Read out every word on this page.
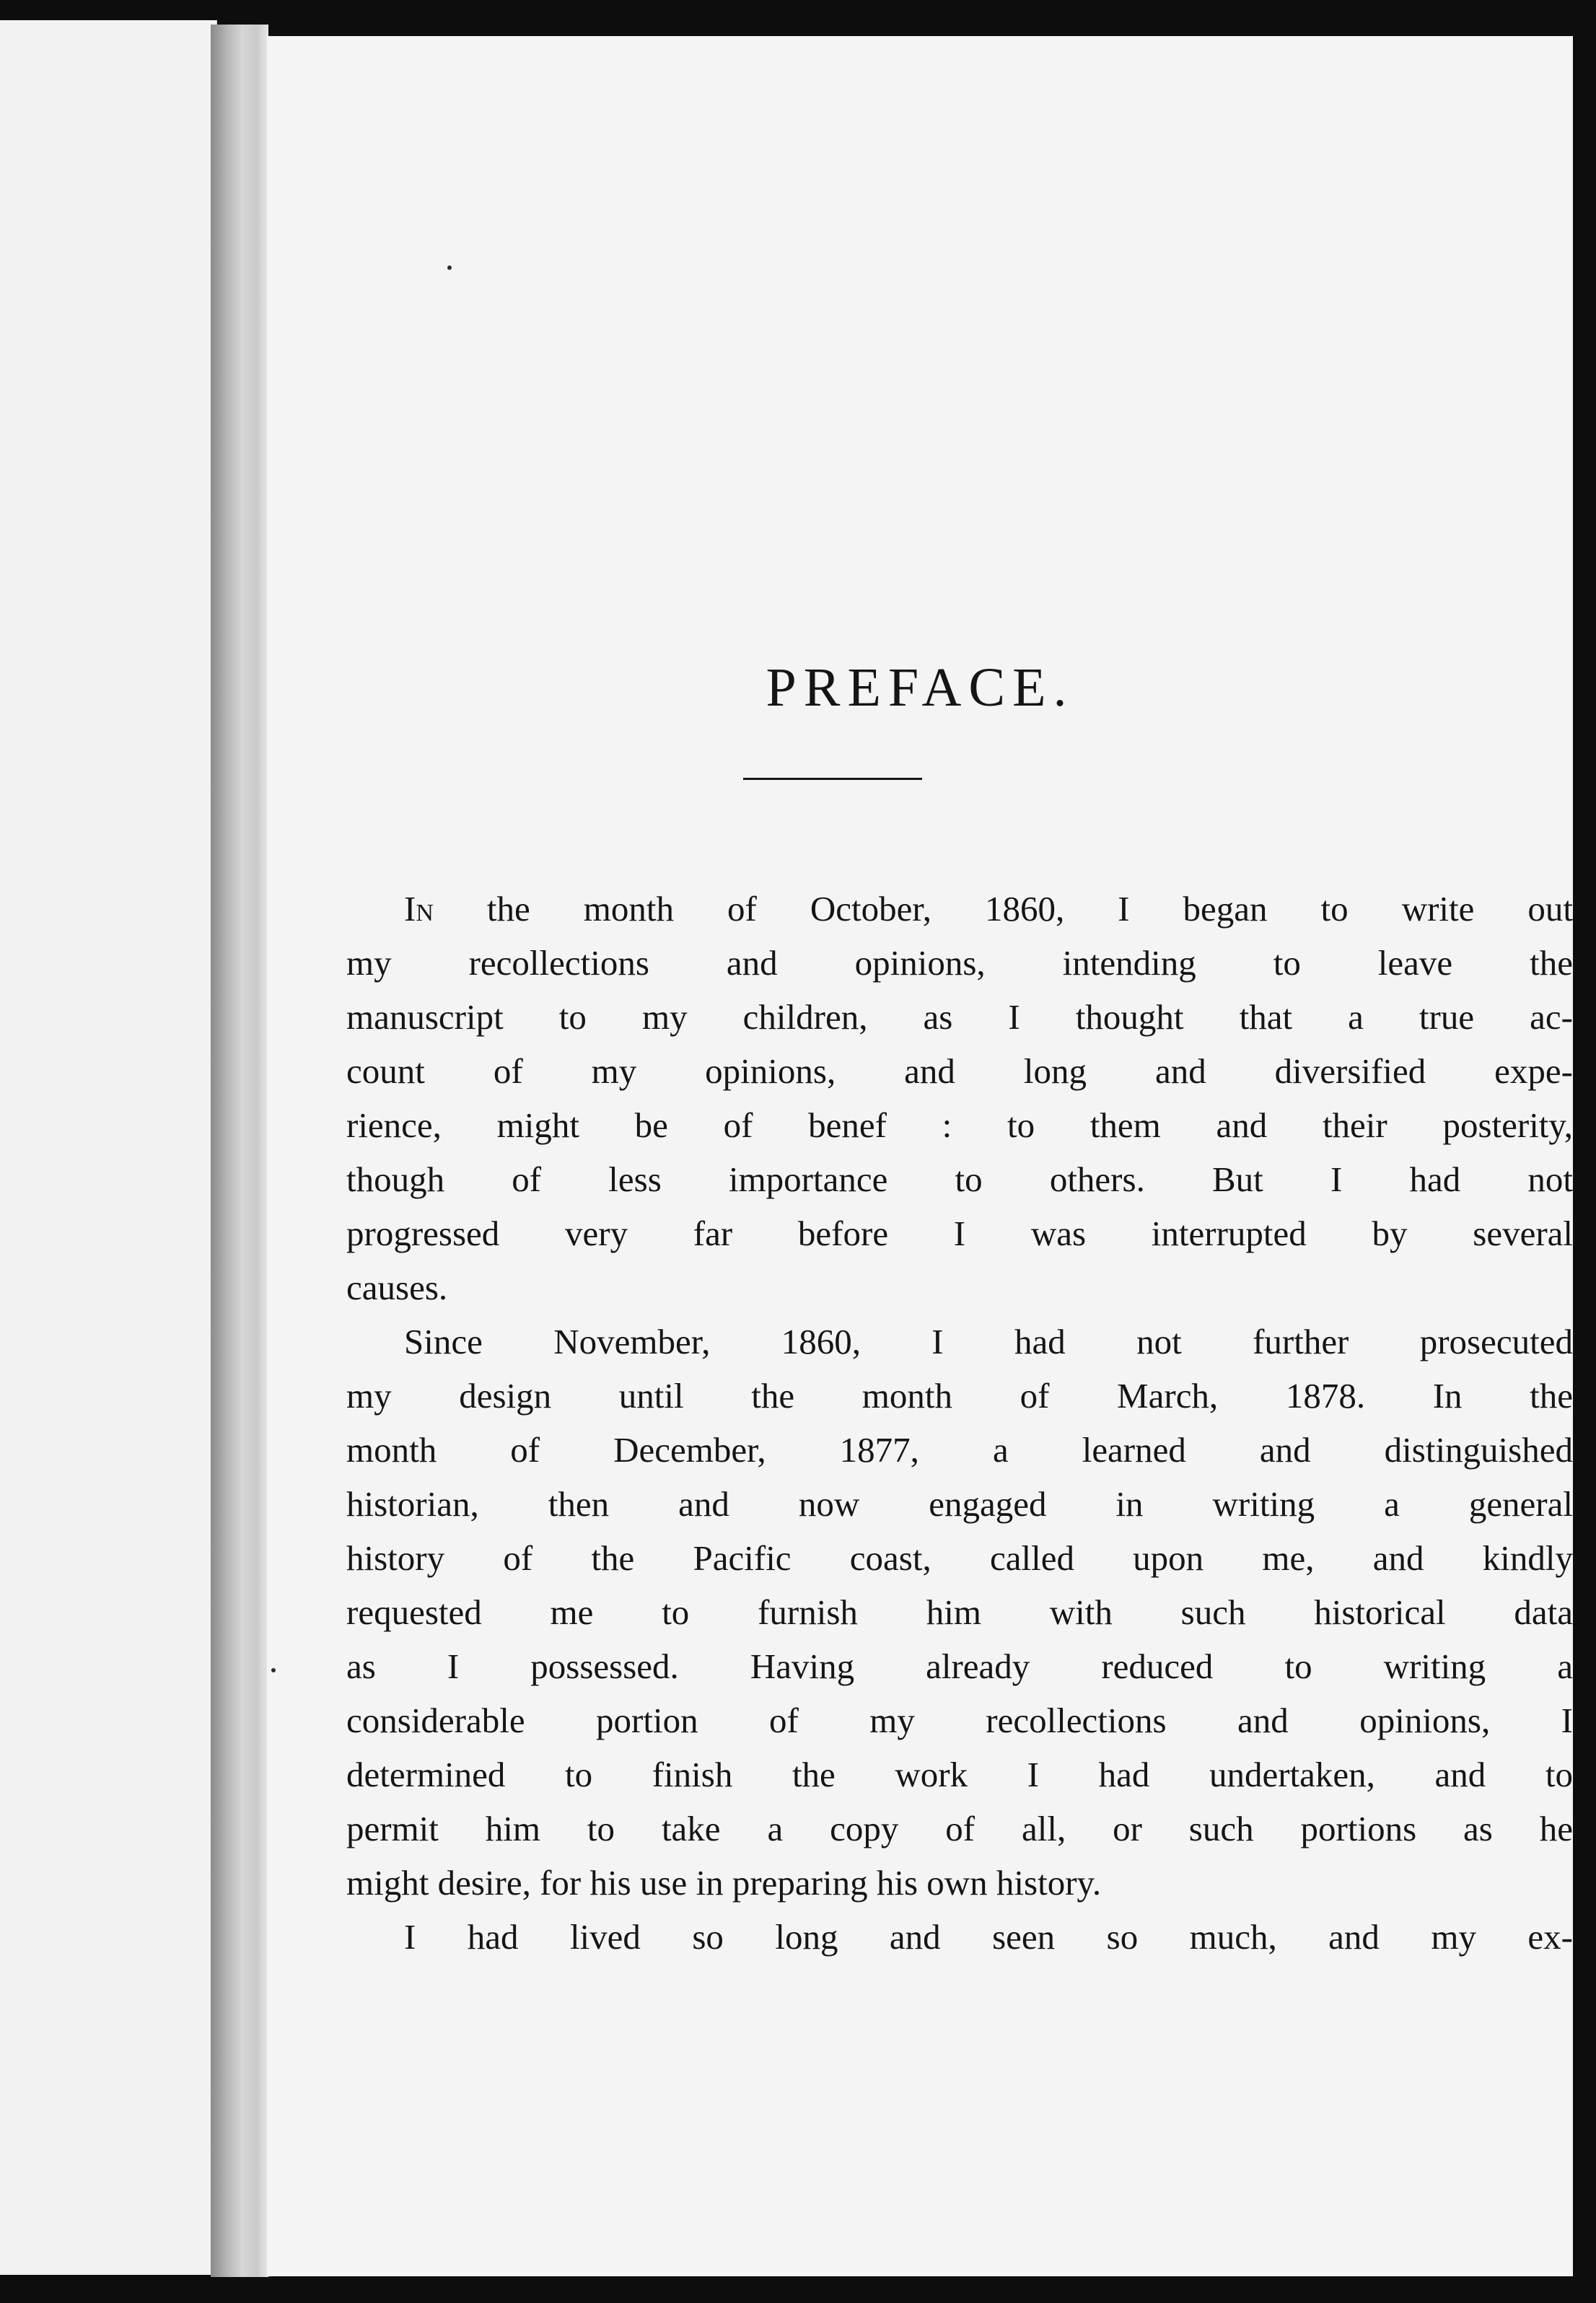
PREFACE.
In the month of October, 1860, I began to write out
my recollections and opinions, intending to leave the
manuscript to my children, as I thought that a true ac-
count of my opinions, and long and diversified expe-
rience, might be of benef : to them and their posterity,
though of less importance to others. But I had not
progressed very far before I was interrupted by several
causes.
Since November, 1860, I had not further prosecuted
my design until the month of March, 1878. In the
month of December, 1877, a learned and distinguished
historian, then and now engaged in writing a general
history of the Pacific coast, called upon me, and kindly
requested me to furnish him with such historical data
as I possessed. Having already reduced to writing a
considerable portion of my recollections and opinions, I
determined to finish the work I had undertaken, and to
permit him to take a copy of all, or such portions as he
might desire, for his use in preparing his own history.
I had lived so long and seen so much, and my ex-
